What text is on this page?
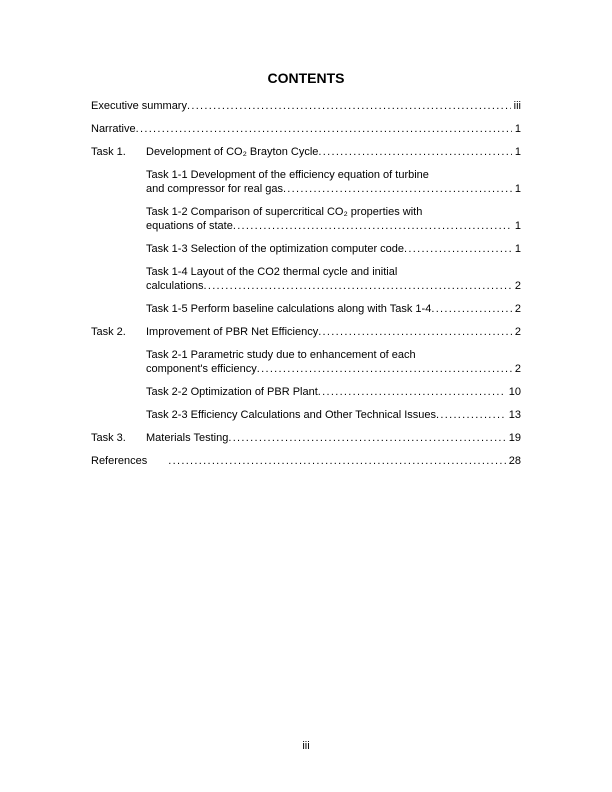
CONTENTS
Executive summary .....	iii
Narrative .....	1
Task 1.	Development of CO₂ Brayton Cycle .....	1
Task 1-1 Development of the efficiency equation of turbine
and compressor for real gas .....	1
Task 1-2 Comparison of supercritical CO₂ properties with
equations of state .....	1
Task 1-3 Selection of the optimization computer code .....	1
Task 1-4 Layout of the CO2 thermal cycle and initial
calculations .....	2
Task 1-5 Perform baseline calculations along with Task 1-4 .....	2
Task 2.	Improvement of PBR Net Efficiency .....	2
Task 2-1 Parametric study due to enhancement of each
component's efficiency .....	2
Task 2-2 Optimization of PBR Plant .....	10
Task 2-3 Efficiency Calculations and Other Technical Issues .....	13
Task 3.	Materials Testing .....	19
References .....	28
iii
